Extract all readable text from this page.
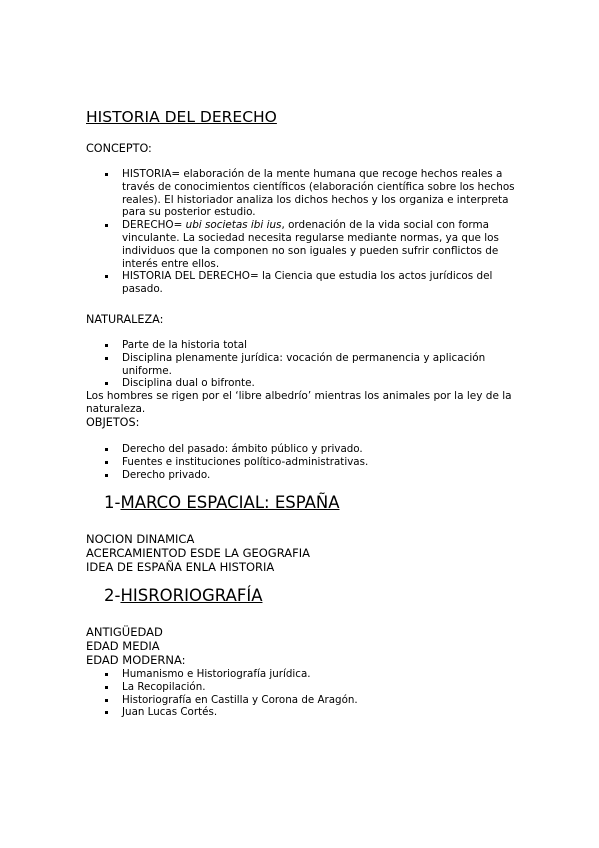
HISTORIA DEL DERECHO
CONCEPTO:
HISTORIA= elaboración de la mente humana que recoge hechos reales a través de conocimientos científicos (elaboración científica sobre los hechos reales). El historiador analiza los dichos hechos y los organiza e interpreta para su posterior estudio.
DERECHO= ubi societas ibi ius, ordenación de la vida social con forma vinculante. La sociedad necesita regularse mediante normas, ya que los individuos que la componen no son iguales y pueden sufrir conflictos de interés entre ellos.
HISTORIA DEL DERECHO= la Ciencia que estudia los actos jurídicos del pasado.
NATURALEZA:
Parte de la historia total
Disciplina plenamente jurídica: vocación de permanencia y aplicación uniforme.
Disciplina dual o bifronte.
Los hombres se rigen por el ‘libre albedrío’ mientras los animales por la ley de la naturaleza.
OBJETOS:
Derecho del pasado: ámbito público y privado.
Fuentes e instituciones político-administrativas.
Derecho privado.
1-MARCO ESPACIAL: ESPAÑA
NOCION DINAMICA
ACERCAMIENTOD ESDE LA GEOGRAFIA
IDEA DE ESPAÑA ENLA HISTORIA
2-HISRORIOGRAFÍA
ANTIGÜEDAD
EDAD MEDIA
EDAD MODERNA:
Humanismo e Historiografía jurídica.
La Recopilación.
Historiografía en Castilla y Corona de Aragón.
Juan Lucas Cortés.
